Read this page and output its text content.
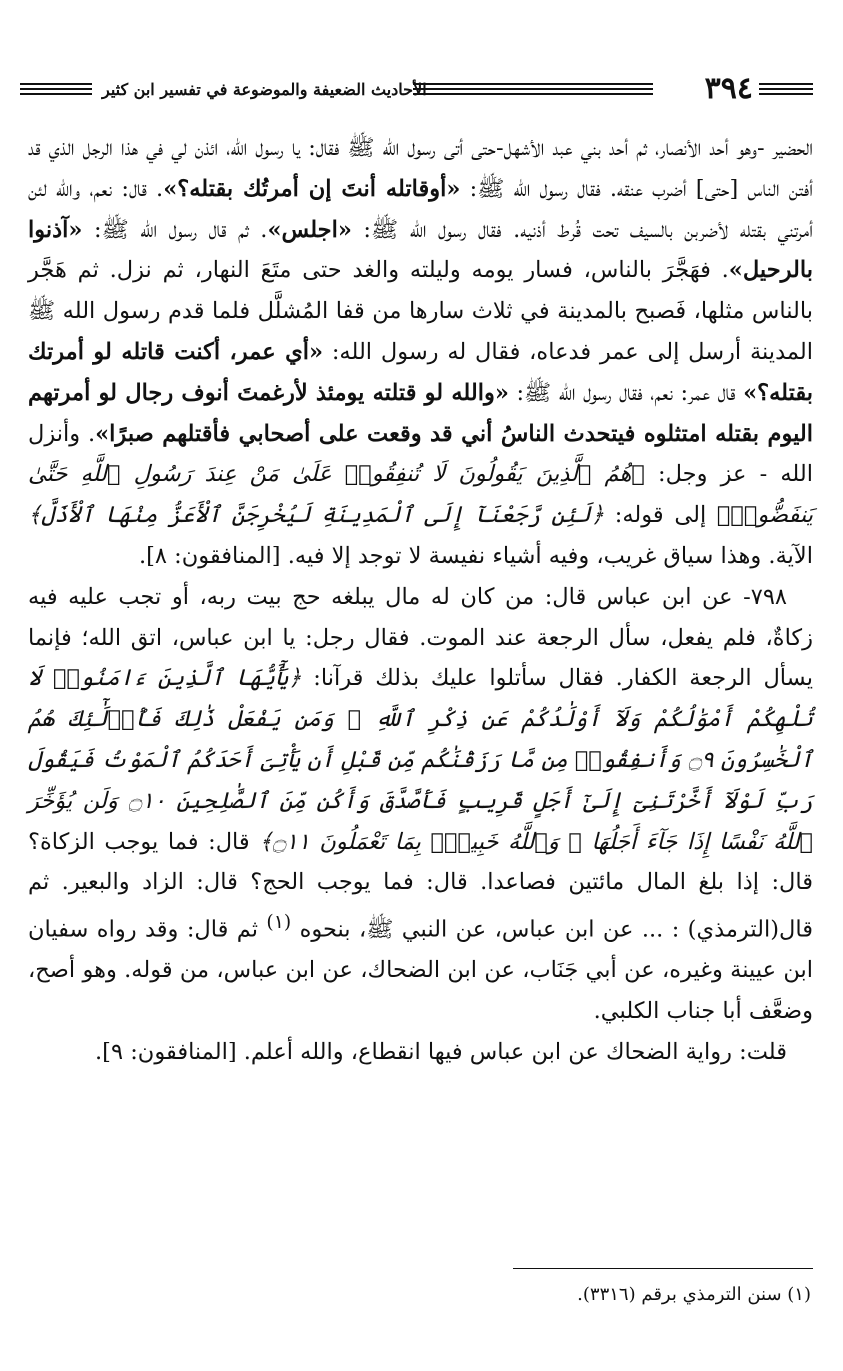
٣٩٤
الأحاديث الضعيفة والموضوعة في تفسير ابن كثير

الحضير -وهو أحد الأنصار، ثم أحد بني عبد الأشهل-حتى أتى رسول الله ﷺ فقال: يا رسول الله، ائذن لي في هذا الرجل الذي قد أفتن الناس [حتى] أضرب عنقه. فقال رسول الله ﷺ: «أوقاتله أنتَ إن أمرتُك بقتله؟». قال: نعم، والله لئن أمرتني بقتله لأضربن بالسيف تحت قُرط أذنيه. فقال رسول الله ﷺ: «اجلس». ثم قال رسول الله ﷺ: «آذنوا بالرحيل». فهَجَّرَ بالناس، فسار يومه وليلته والغد حتى متَعَ النهار، ثم نزل. ثم هَجَّر بالناس مثلها، فَصبح بالمدينة في ثلاث سارها من قفا المُشلَّل فلما قدم رسول الله ﷺ المدينة أرسل إلى عمر فدعاه، فقال له رسول الله: «أي عمر، أكنت قاتله لو أمرتك بقتله؟» قال عمر: نعم، فقال رسول الله ﷺ: «والله لو قتلته يومئذ لأرغمتَ أنوف رجال لو أمرتهم اليوم بقتله امتثلوه فيتحدث الناسُ أني قد وقعت على أصحابي فأقتلهم صبرًا». وأنزل الله - عز وجل: ﴿هُمُ ٱلَّذِينَ يَقُولُونَ لَا تُنفِقُوا۟ عَلَىٰ مَنْ عِندَ رَسُولِ ٱللَّهِ حَتَّىٰ يَنفَضُّوا۟﴾ إلى قوله: ﴿لَئِن رَّجَعْنَآ إِلَى ٱلْمَدِينَةِ لَيُخْرِجَنَّ ٱلْأَعَزُّ مِنْهَا ٱلْأَذَلَّ﴾ الآية. وهذا سياق غريب، وفيه أشياء نفيسة لا توجد إلا فيه. [المنافقون: ٨].

٧٩٨- عن ابن عباس قال: من كان له مال يبلغه حج بيت ربه، أو تجب عليه فيه زكاةٌ، فلم يفعل، سأل الرجعة عند الموت. فقال رجل: يا ابن عباس، اتق الله؛ فإنما يسأل الرجعة الكفار. فقال سأتلوا عليك بذلك قرآنا: ﴿يَٰٓأَيُّهَا ٱلَّذِينَ ءَامَنُوا۟ لَا تُلْهِكُمْ أَمْوَٰلُكُمْ وَلَآ أَوْلَٰدُكُمْ عَن ذِكْرِ ٱللَّهِ ۚ وَمَن يَفْعَلْ ذَٰلِكَ فَأُو۟لَٰٓئِكَ هُمُ ٱلْخَٰسِرُونَ ۝٩ وَأَنفِقُوا۟ مِن مَّا رَزَقْنَٰكُم مِّن قَبْلِ أَن يَأْتِىَ أَحَدَكُمُ ٱلْمَوْتُ فَيَقُولَ رَبِّ لَوْلَآ أَخَّرْتَنِىٓ إِلَىٰٓ أَجَلٍ قَرِيبٍ فَأَصَّدَّقَ وَأَكُن مِّنَ ٱلصَّٰلِحِينَ ۝١٠ وَلَن يُؤَخِّرَ ٱللَّهُ نَفْسًا إِذَا جَآءَ أَجَلُهَا ۚ وَٱللَّهُ خَبِيرٌۢ بِمَا تَعْمَلُونَ ۝١١﴾ قال: فما يوجب الزكاة؟ قال: إذا بلغ المال مائتين فصاعدا. قال: فما يوجب الحج؟ قال: الزاد والبعير. ثم قال(الترمذي) : ... عن ابن عباس، عن النبي ﷺ، بنحوه $^{(١)}$ ثم قال: وقد رواه سفيان ابن عيينة وغيره، عن أبي جَنَاب، عن ابن الضحاك، عن ابن عباس، من قوله. وهو أصح، وضعَّف أبا جناب الكلبي.

قلت: رواية الضحاك عن ابن عباس فيها انقطاع، والله أعلم. [المنافقون: ٩].

(١) سنن الترمذي برقم (٣٣١٦).
